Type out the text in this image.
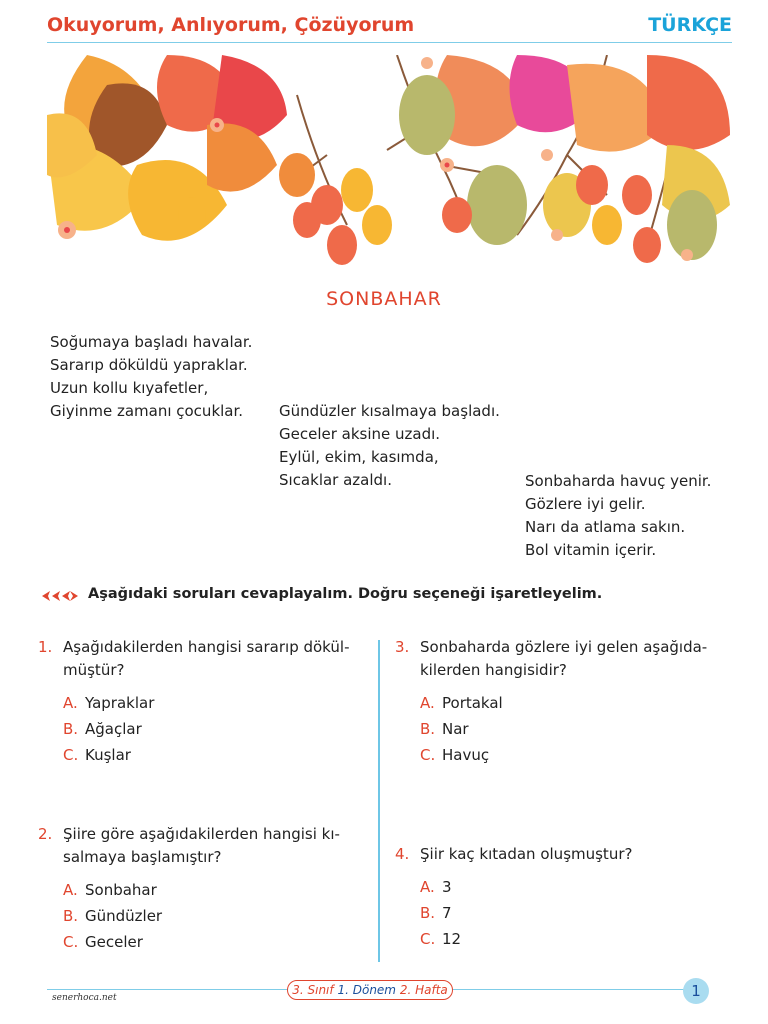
Okuyorum, Anlıyorum, Çözüyorum	TÜRKÇE
SONBAHAR
Soğumaya başladı havalar.
Sararıp döküldü yapraklar.
Uzun kollu kıyafetler,
Giyinme zamanı çocuklar.	Gündüzler kısalmaya başladı.
Geceler aksine uzadı.
Eylül, ekim, kasımda,
Sıcaklar azaldı.	Sonbaharda havuç yenir.
Gözlere iyi gelir.
Narı da atlama sakın.
Bol vitamin içerir.
Aşağıdaki soruları cevaplayalım. Doğru seçeneği işaretleyelim.
1. Aşağıdakilerden hangisi sararıp dökül-
müştür?
A. Yapraklar
B. Ağaçlar
C. Kuşlar
2. Şiire göre aşağıdakilerden hangisi kı-
salmaya başlamıştır?
A. Sonbahar
B. Gündüzler
C. Geceler
3. Sonbaharda gözlere iyi gelen aşağıda-
kilerden hangisidir?
A. Portakal
B. Nar
C. Havuç
4. Şiir kaç kıtadan oluşmuştur?
A. 3
B. 7
C. 12
senerhoca.net
3. Sınıf 1. Dönem 2. Hafta	1
